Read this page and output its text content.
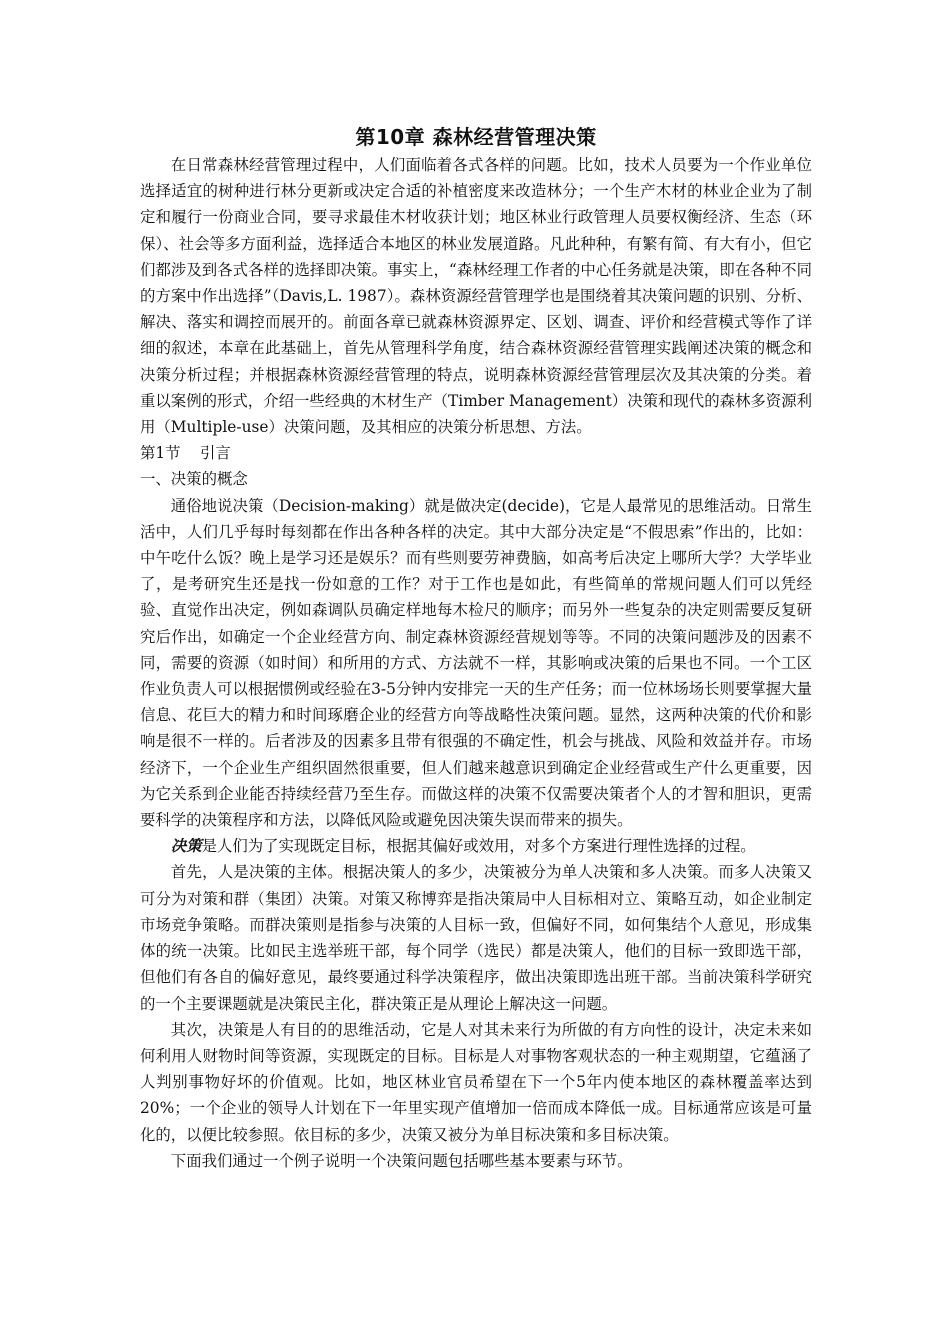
第10章 森林经营管理决策

在日常森林经营管理过程中，人们面临着各式各样的问题。比如，技术人员要为一个作业单位选择适宜的树种进行林分更新或决定合适的补植密度来改造林分；一个生产木材的林业企业为了制定和履行一份商业合同，要寻求最佳木材收获计划；地区林业行政管理人员要权衡经济、生态（环保）、社会等多方面利益，选择适合本地区的林业发展道路。凡此种种，有繁有简、有大有小，但它们都涉及到各式各样的选择即决策。事实上，“森林经理工作者的中心任务就是决策，即在各种不同的方案中作出选择”（Davis,L. 1987）。森林资源经营管理学也是围绕着其决策问题的识别、分析、解决、落实和调控而展开的。前面各章已就森林资源界定、区划、调查、评价和经营模式等作了详细的叙述，本章在此基础上，首先从管理科学角度，结合森林资源经营管理实践阐述决策的概念和决策分析过程；并根据森林资源经营管理的特点，说明森林资源经营管理层次及其决策的分类。着重以案例的形式，介绍一些经典的木材生产（Timber Management）决策和现代的森林多资源利用（Multiple-use）决策问题，及其相应的决策分析思想、方法。

第1节 引言

一、决策的概念

通俗地说决策（Decision-making）就是做决定(decide)，它是人最常见的思维活动。日常生活中，人们几乎每时每刻都在作出各种各样的决定。其中大部分决定是“不假思索”作出的，比如：中午吃什么饭？晚上是学习还是娱乐？而有些则要劳神费脑，如高考后决定上哪所大学？大学毕业了，是考研究生还是找一份如意的工作？对于工作也是如此，有些简单的常规问题人们可以凭经验、直觉作出决定，例如森调队员确定样地每木检尺的顺序；而另外一些复杂的决定则需要反复研究后作出，如确定一个企业经营方向、制定森林资源经营规划等等。不同的决策问题涉及的因素不同，需要的资源（如时间）和所用的方式、方法就不一样，其影响或决策的后果也不同。一个工区作业负责人可以根据惯例或经验在3-5分钟内安排完一天的生产任务；而一位林场场长则要掌握大量信息、花巨大的精力和时间琢磨企业的经营方向等战略性决策问题。显然，这两种决策的代价和影响是很不一样的。后者涉及的因素多且带有很强的不确定性，机会与挑战、风险和效益并存。市场经济下，一个企业生产组织固然很重要，但人们越来越意识到确定企业经营或生产什么更重要，因为它关系到企业能否持续经营乃至生存。而做这样的决策不仅需要决策者个人的才智和胆识，更需要科学的决策程序和方法，以降低风险或避免因决策失误而带来的损失。

决策是人们为了实现既定目标，根据其偏好或效用，对多个方案进行理性选择的过程。

首先，人是决策的主体。根据决策人的多少，决策被分为单人决策和多人决策。而多人决策又可分为对策和群（集团）决策。对策又称博弈是指决策局中人目标相对立、策略互动，如企业制定市场竞争策略。而群决策则是指参与决策的人目标一致，但偏好不同，如何集结个人意见，形成集体的统一决策。比如民主选举班干部，每个同学（选民）都是决策人，他们的目标一致即选干部，但他们有各自的偏好意见，最终要通过科学决策程序，做出决策即选出班干部。当前决策科学研究的一个主要课题就是决策民主化，群决策正是从理论上解决这一问题。

其次，决策是人有目的的思维活动，它是人对其未来行为所做的有方向性的设计，决定未来如何利用人财物时间等资源，实现既定的目标。目标是人对事物客观状态的一种主观期望，它蕴涵了人判别事物好坏的价值观。比如，地区林业官员希望在下一个5年内使本地区的森林覆盖率达到20%；一个企业的领导人计划在下一年里实现产值增加一倍而成本降低一成。目标通常应该是可量化的，以便比较参照。依目标的多少，决策又被分为单目标决策和多目标决策。

下面我们通过一个例子说明一个决策问题包括哪些基本要素与环节。
